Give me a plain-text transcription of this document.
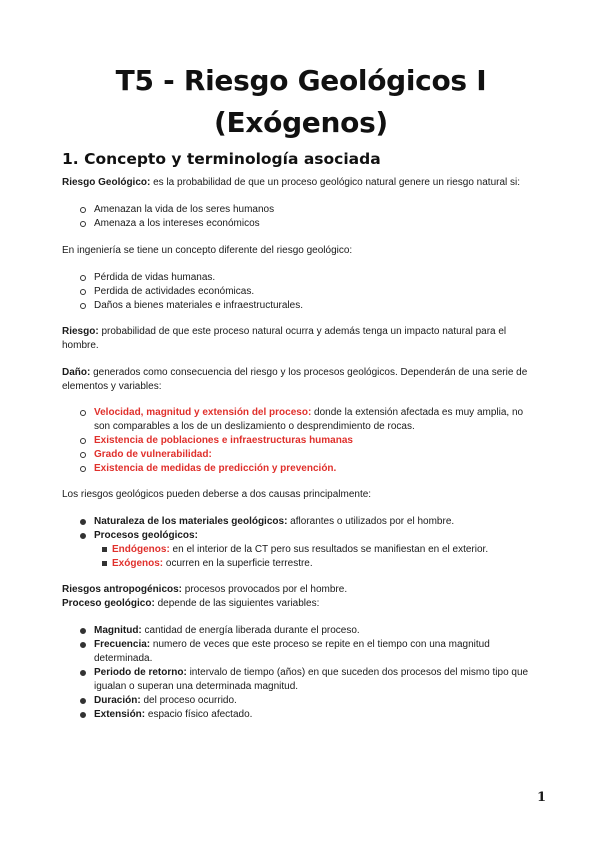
T5 - Riesgo Geológicos I
(Exógenos)
1. Concepto y terminología asociada

Riesgo Geológico: es la probabilidad de que un proceso geológico natural genere un riesgo natural si:

Amenazan la vida de los seres humanos
Amenaza a los intereses económicos

En ingeniería se tiene un concepto diferente del riesgo geológico:

Pérdida de vidas humanas.
Perdida de actividades económicas.
Daños a bienes materiales e infraestructurales.

Riesgo: probabilidad de que este proceso natural ocurra y además tenga un impacto natural para el hombre.

Daño: generados como consecuencia del riesgo y los procesos geológicos. Dependerán de una serie de elementos y variables:

Velocidad, magnitud y extensión del proceso: donde la extensión afectada es muy amplia, no son comparables a los de un deslizamiento o desprendimiento de rocas.
Existencia de poblaciones e infraestructuras humanas
Grado de vulnerabilidad:
Existencia de medidas de predicción y prevención.

Los riesgos geológicos pueden deberse a dos causas principalmente:

Naturaleza de los materiales geológicos: aflorantes o utilizados por el hombre.
Procesos geológicos:
Endógenos: en el interior de la CT pero sus resultados se manifiestan en el exterior.
Exógenos: ocurren en la superficie terrestre.

Riesgos antropogénicos: procesos provocados por el hombre.

Proceso geológico: depende de las siguientes variables:

Magnitud: cantidad de energía liberada durante el proceso.
Frecuencia: numero de veces que este proceso se repite en el tiempo con una magnitud determinada.
Periodo de retorno: intervalo de tiempo (años) en que suceden dos procesos del mismo tipo que igualan o superan una determinada magnitud.
Duración: del proceso ocurrido.
Extensión: espacio físico afectado.
1
